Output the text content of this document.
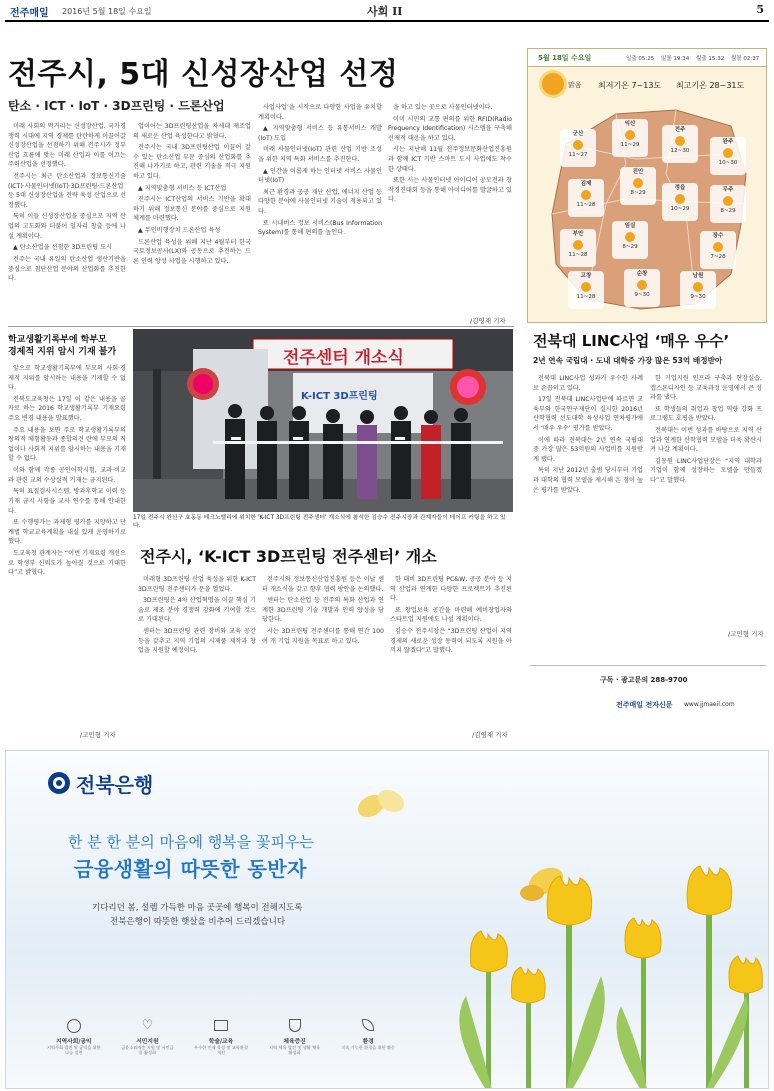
전주매일 2016년 5월 18일 수요일	사회 II	5
전주시, 5대 신성장산업 선정
탄소 · ICT · IoT · 3D프린팅 · 드론산업

미래 사회의 먹거리는 신성장산업. 국가경쟁력 시대에 지역 경제를 탄탄하게 이끌어갈 신성장산업을 선점하기 위해 전주시가 정부 산업 흐름에 맞는 미래 산업과 이를 이끄는 주력산업을 선정했다.

전주시는 최근 탄소산업과 정보통신기술(ICT)·사물인터넷(IoT)·3D프린팅·드론산업 등 5대 신성장산업을 전략 육성 산업으로 선정했다.

특히 이들 신성장산업을 중심으로 지역 산업의 고도화와 더불어 일자리 창출 등에 나설 계획이다.

▲ 탄소산업을 선점한 3D프린팅 도시

전주는 국내 유일의 탄소산업 생산기반을 중심으로 첨단산업 분야의 산업화를 추진한다.

업이어는 3D프린팅산업을 차세대 제조업의 새로운 산업 육성한다고 밝혔다.

전주시는 국내 3D프린팅산업 이끌어 갈 수 있는 탄소산업 부문 중심의 산업화를 추진해 나가기로 하고, 관련 기술을 적극 지원하고 있다.

▲ 지역맞춤형 서비스 등 ICT산업

전주시는 ICT산업의 서비스 기반을 확대하기 위해 정보통신 분야를 중심으로 지원 체계를 마련했다.

▲ 무인비행장치 드론산업 육성

드론산업 육성을 위해 지난 4월부터 한국국토정보공사(LX)와 공동으로 추진하는 드론 인력 양성 사업을 시행하고 있다.

사업사업’을 시작으로 다양한 사업을 유치할 계획이다.

▲ 지역맞춤형 서비스 등 유통서비스 개발(IoT) 도입

미래 사물인터넷(IoT) 관련 산업 기반 조성을 위한 지역 특화 서비스를 추진한다.

▲ 인간을 이롭게 하는 인터넷 서비스 사물인터넷(IoT)

최근 환경과 공공 재난 산업, 에너지 산업 등 다양한 분야에 사물인터넷 기술이 적용되고 있다.

또 시내버스 정보 서비스(Bus Information System)를 통해 편의를 높인다.

을 하고 있는 곳으로 사물인터넷이다.

이미 시민의 교통 편의를 위한 RFID(Radio Frequency Identification) 시스템을 구축해 선제적 대응을 하고 있다.

시는 지난해 11월 전주정보문화산업진흥원과 함께 ICT 기반 스마트 도시 사업에도 착수한 상태다.

또한 시는 사물인터넷 아이디어 공모전과 창작경진대회 등을 통해 아이디어를 발굴하고 있다.

/김영재 기자
학교생활기록부에 학부모
경제적 지위 암시 기재 불가

앞으로 학교생활기록부에 부모의 사회·경제적 지위를 암시하는 내용을 기재할 수 없다.

전북도교육청은 17일 이 같은 내용을 골자로 하는 2016 학교생활기록부 기재요령 주요 변경 내용을 발표했다.

주요 내용을 보면 주로 학교생활기록부의 창의적 체험활동과 종합의견 란에 부모의 직업이나 사회적 지위를 암시하는 내용을 기재할 수 없다.

이와 함께 각종 공인어학시험, 교과·비교과 관련 교외 수상실적 기재는 금지된다.

특히 표절검사시스템, 방과후학교 이력 등 기재 금지 사항을 교사 연수를 통해 안내한다.

또 수행평가는 과제형 평가를 지양하고 단계별 학교교육계획을 내실 있게 운영하기로 했다.

도교육청 관계자는 “이번 기재요령 개선으로 학생부 신뢰도가 높아질 것으로 기대한다”고 밝혔다.

/고민형 기자
전주센터 개소식
K-ICT 3D프린팅
17일 전주시 완산구 효동동 테크노밸리에 위치한 'K-ICT 3D프린팅 전주센터' 개소식에 참석한 김승수 전주시장과 관계자들이 테이프 커팅을 하고 있다.
전주시, ‘K-ICT 3D프린팅 전주센터’ 개소

미래형 3D프린팅 산업 육성을 위한 K-ICT 3D프린팅 전주센터가 문을 열었다.

3D프린팅은 4차 산업혁명을 이끌 핵심 기술로 제조 분야 경쟁력 강화에 기여할 것으로 기대된다.

센터는 3D프린팅 관련 장비와 교육 공간 등을 갖추고 지역 기업의 시제품 제작과 창업을 지원할 예정이다.

전주시와 정보통신산업진흥원 등은 이날 센터 개소식을 갖고 향후 협력 방안을 논의했다.

센터는 탄소산업 등 전주의 특화 산업과 연계한 3D프린팅 기술 개발과 인력 양성을 담당한다.

시는 3D프린팅 전주센터를 통해 연간 100여 개 기업 지원을 목표로 하고 있다.

한 대비 3D프린팅 PC&W, 공공 분야 등 지역 산업과 연계한 다양한 프로젝트가 추진된다.

또 창업보육 공간을 마련해 예비창업자와 스타트업 지원에도 나설 계획이다.

김승수 전주시장은 “3D프린팅 산업이 지역 경제의 새로운 성장 동력이 되도록 지원을 아끼지 않겠다”고 말했다.

/김영재 기자
5월 18일 수요일	일출 05:25 일몰 19:34 월출 15:32 월몰 02:37
맑음 최저기온 7~13도 최고기온 28~31도
군산
11~27
익산
11~29
전주
12~30
완주
10~30
진안
8~29	무주
8~29
김제
11~28
정읍
10~29
부안
11~28
임실
8~29
장수
7~28
고창
11~28
순창
9~30
남원
9~30
전북대 LINC사업 ‘매우 우수’
2년 연속 국립대 · 도내 대학중 가장 많은 53억 배정받아

전북대 LINC사업 성과가 우수한 사례로 손꼽히고 있다.

17일 전북대 LINC사업단에 따르면 교육부와 한국연구재단이 실시한 2016년 산학협력 선도대학 육성사업 연차평가에서 ‘매우 우수’ 평가를 받았다.

이에 따라 전북대는 2년 연속 국립대 중 가장 많은 53억원의 사업비를 지원받게 됐다.

특히 지난 2012년 출범 당시부터 기업과 대학의 협력 모델을 제시해 온 점이 높은 평가를 받았다.

한 기업지원 인프라 구축과 현장실습, 캡스톤디자인 등 교육과정 운영에서 큰 성과를 냈다.

또 학생들의 취업과 창업 역량 강화 프로그램도 호평을 받았다.

전북대는 이번 성과를 바탕으로 지역 산업과 연계한 산학협력 모델을 더욱 확산시켜 나갈 계획이다.

김동원 LINC사업단장은 “지역 대학과 기업이 함께 성장하는 모델을 만들겠다”고 말했다.

/고민형 기자
구독 · 광고문의 288-9700
전주매일 전자신문 www.jjmaeil.com
전북은행
한 분 한 분의 마음에 행복을 꽃피우는
금융생활의 따뜻한 동반자
기다리던 봄, 설렘 가득한 마음 곳곳에 행복이 전해지도록
전북은행이 따뜻한 햇살을 비추어 드리겠습니다
지역사회/공익
지역사회 발전 및 공익을 위한 나눔 실천
♡
서민지원
금융소외계층 지원 및 서민금융 활성화
학술/교육
우수한 인재 육성 및 교육환경 개선
체육증진
지역 체육 발전 및 생활 체육 활성화
환경
지속 가능한 환경을 위한 활동
